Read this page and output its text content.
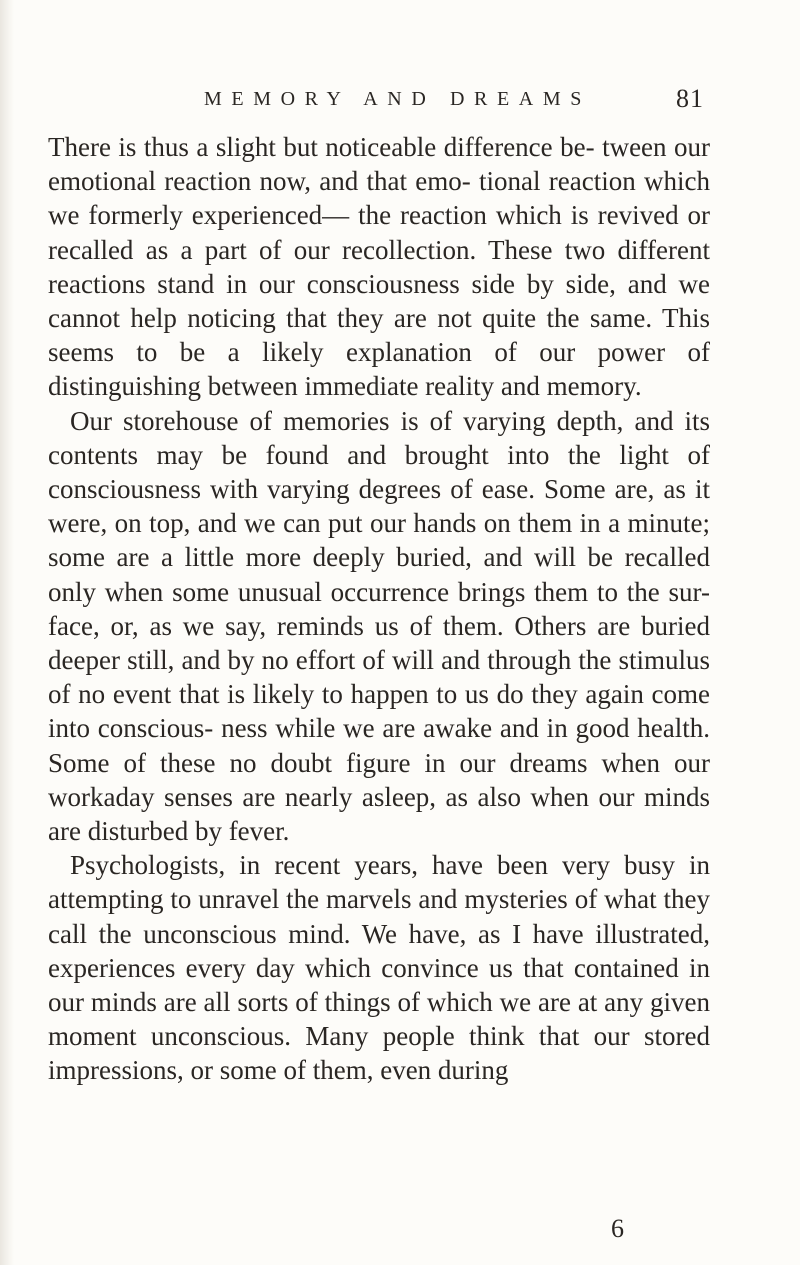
MEMORY AND DREAMS	81

There is thus a slight but noticeable difference be- tween our emotional reaction now, and that emo- tional reaction which we formerly experienced— the reaction which is revived or recalled as a part of our recollection. These two different reactions stand in our consciousness side by side, and we cannot help noticing that they are not quite the same. This seems to be a likely explanation of our power of distinguishing between immediate reality and memory.

Our storehouse of memories is of varying depth, and its contents may be found and brought into the light of consciousness with varying degrees of ease. Some are, as it were, on top, and we can put our hands on them in a minute; some are a little more deeply buried, and will be recalled only when some unusual occurrence brings them to the sur- face, or, as we say, reminds us of them. Others are buried deeper still, and by no effort of will and through the stimulus of no event that is likely to happen to us do they again come into conscious- ness while we are awake and in good health. Some of these no doubt figure in our dreams when our workaday senses are nearly asleep, as also when our minds are disturbed by fever.

Psychologists, in recent years, have been very busy in attempting to unravel the marvels and mysteries of what they call the unconscious mind. We have, as I have illustrated, experiences every day which convince us that contained in our minds are all sorts of things of which we are at any given moment unconscious. Many people think that our stored impressions, or some of them, even during

6
